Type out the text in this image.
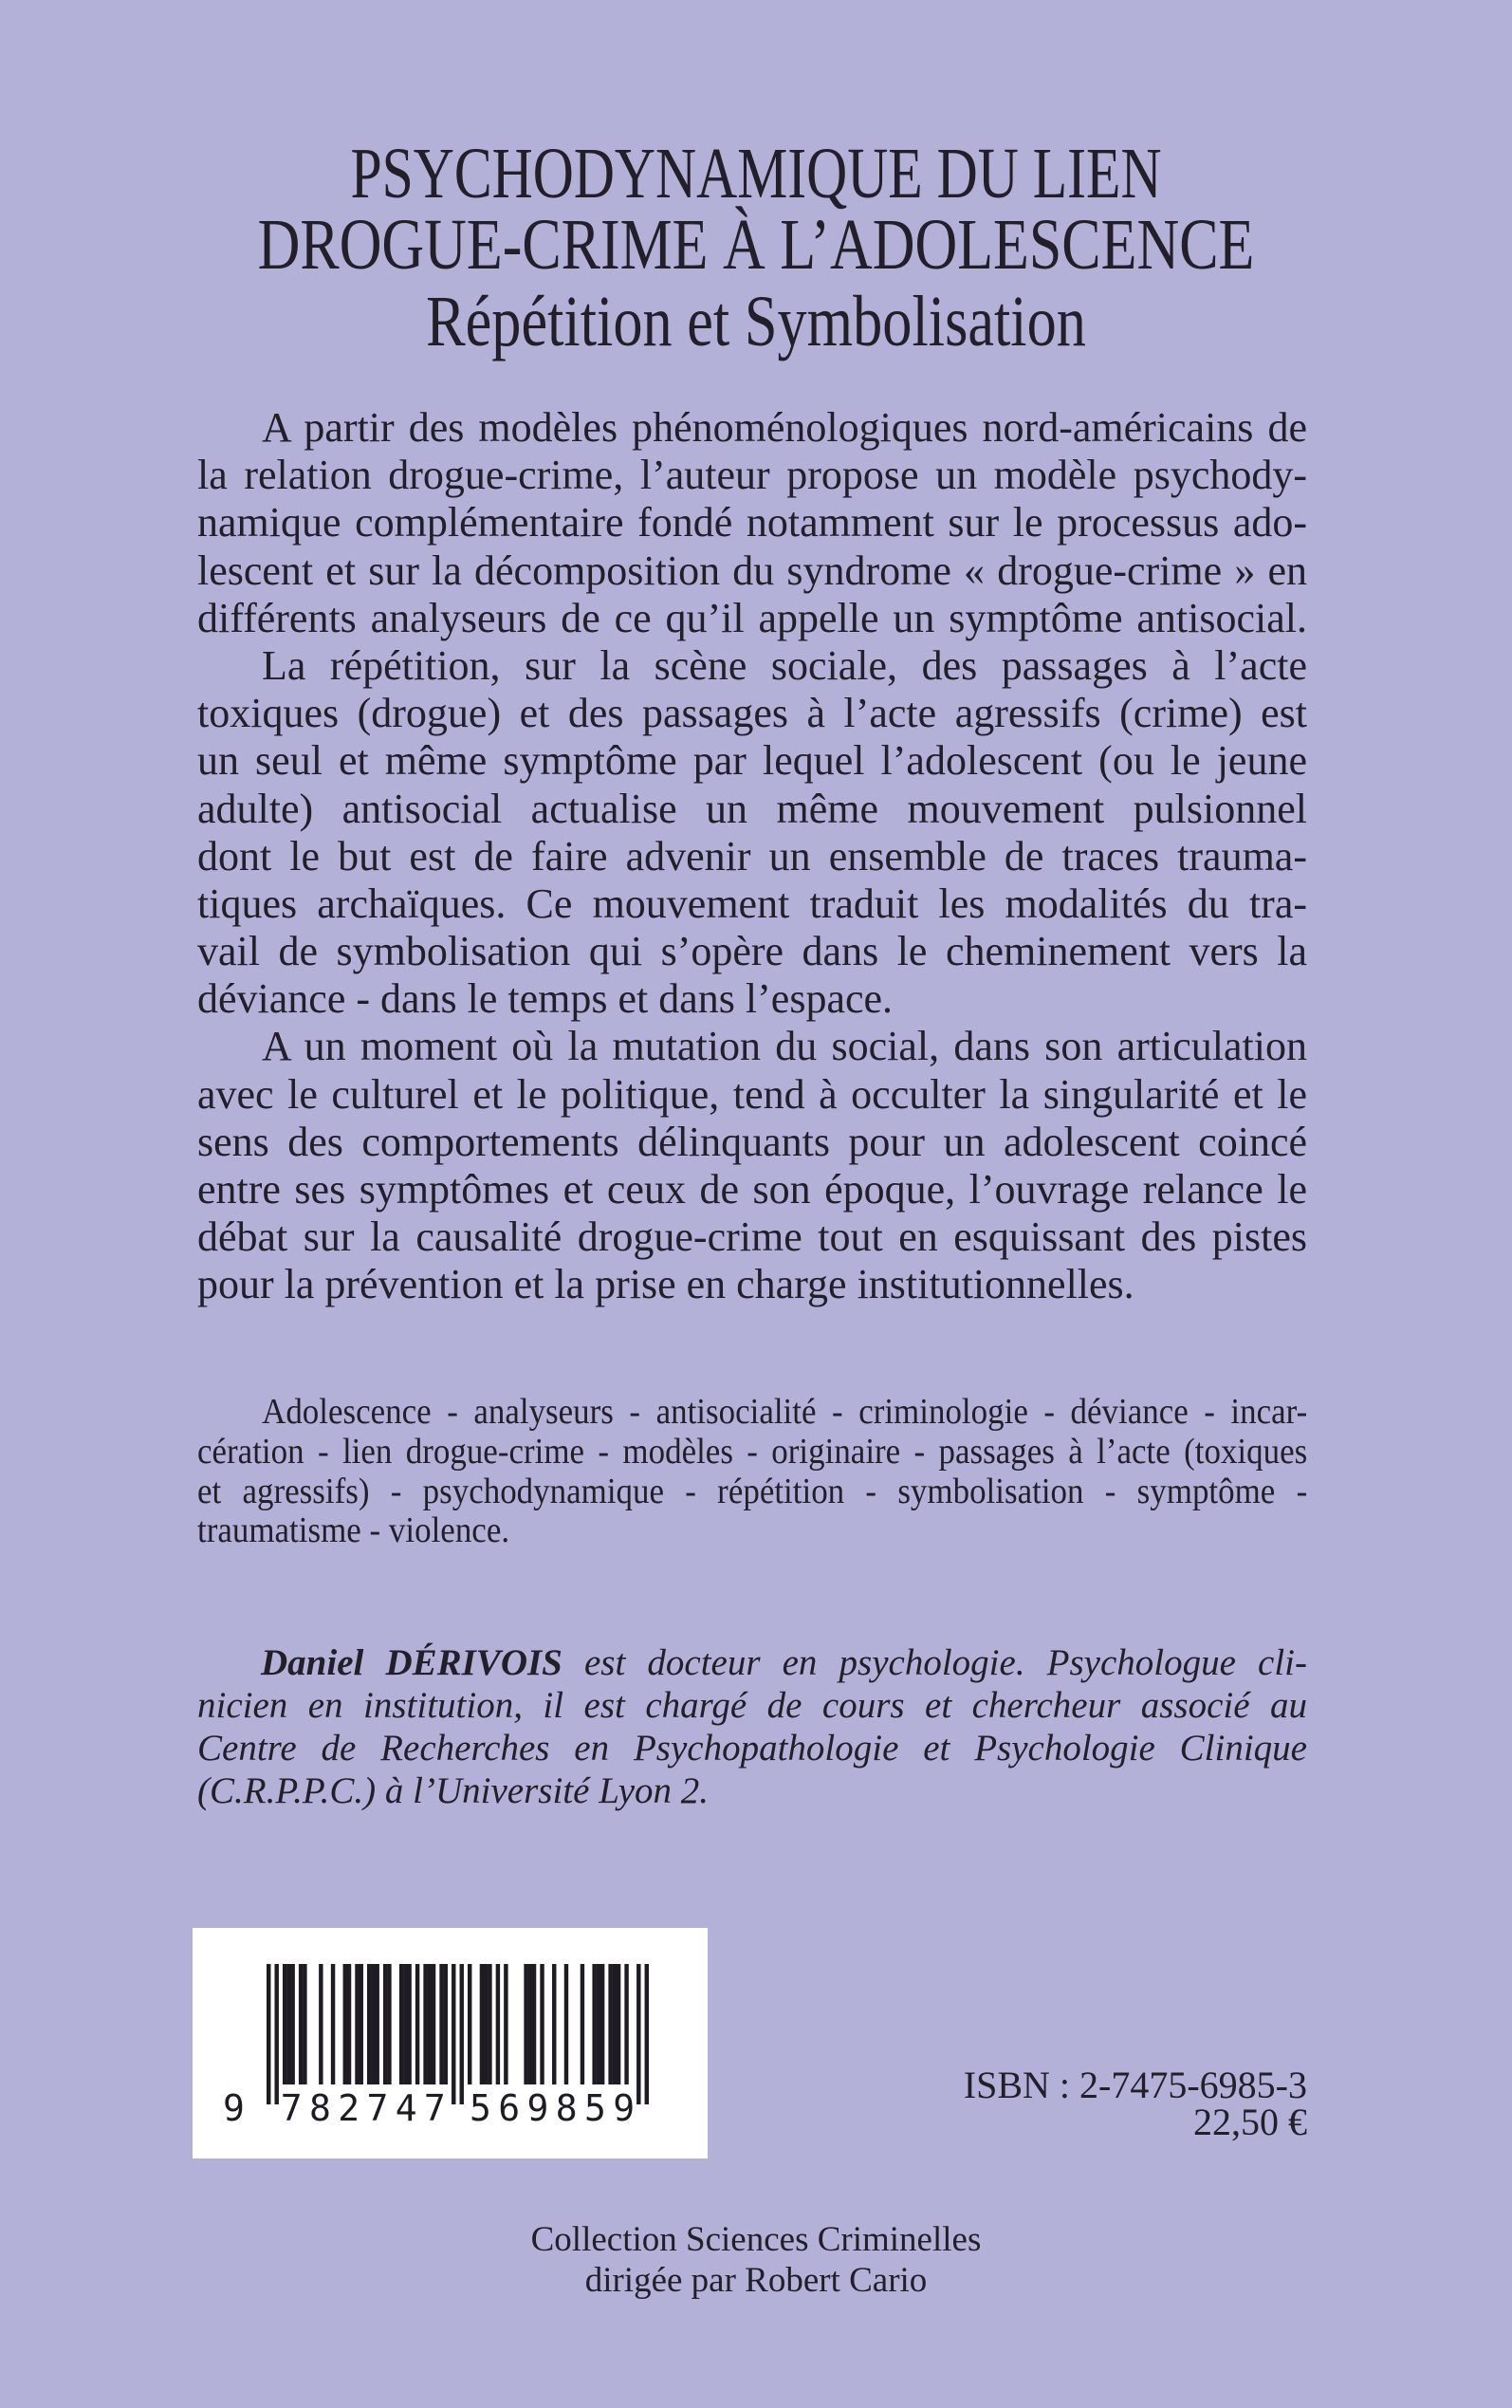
PSYCHODYNAMIQUE DU LIEN
DROGUE-CRIME À L’ADOLESCENCE
Répétition et Symbolisation
A partir des modèles phénoménologiques nord-américains de
la relation drogue-crime, l’auteur propose un modèle psychody-
namique complémentaire fondé notamment sur le processus ado-
lescent et sur la décomposition du syndrome « drogue-crime » en
différents analyseurs de ce qu’il appelle un symptôme antisocial.
La répétition, sur la scène sociale, des passages à l’acte
toxiques (drogue) et des passages à l’acte agressifs (crime) est
un seul et même symptôme par lequel l’adolescent (ou le jeune
adulte) antisocial actualise un même mouvement pulsionnel
dont le but est de faire advenir un ensemble de traces trauma-
tiques archaïques. Ce mouvement traduit les modalités du tra-
vail de symbolisation qui s’opère dans le cheminement vers la
déviance - dans le temps et dans l’espace.
A un moment où la mutation du social, dans son articulation
avec le culturel et le politique, tend à occulter la singularité et le
sens des comportements délinquants pour un adolescent coincé
entre ses symptômes et ceux de son époque, l’ouvrage relance le
débat sur la causalité drogue-crime tout en esquissant des pistes
pour la prévention et la prise en charge institutionnelles.
Adolescence - analyseurs - antisocialité - criminologie - déviance - incar-
cération - lien drogue-crime - modèles - originaire - passages à l’acte (toxiques
et agressifs) - psychodynamique - répétition - symbolisation - symptôme -
traumatisme - violence.
Daniel DÉRIVOIS est docteur en psychologie. Psychologue cli-
nicien en institution, il est chargé de cours et chercheur associé au
Centre de Recherches en Psychopathologie et Psychologie Clinique
(C.R.P.P.C.) à l’Université Lyon 2.
9 782747 569859
ISBN : 2-7475-6985-3
22,50 €
Collection Sciences Criminelles
dirigée par Robert Cario
